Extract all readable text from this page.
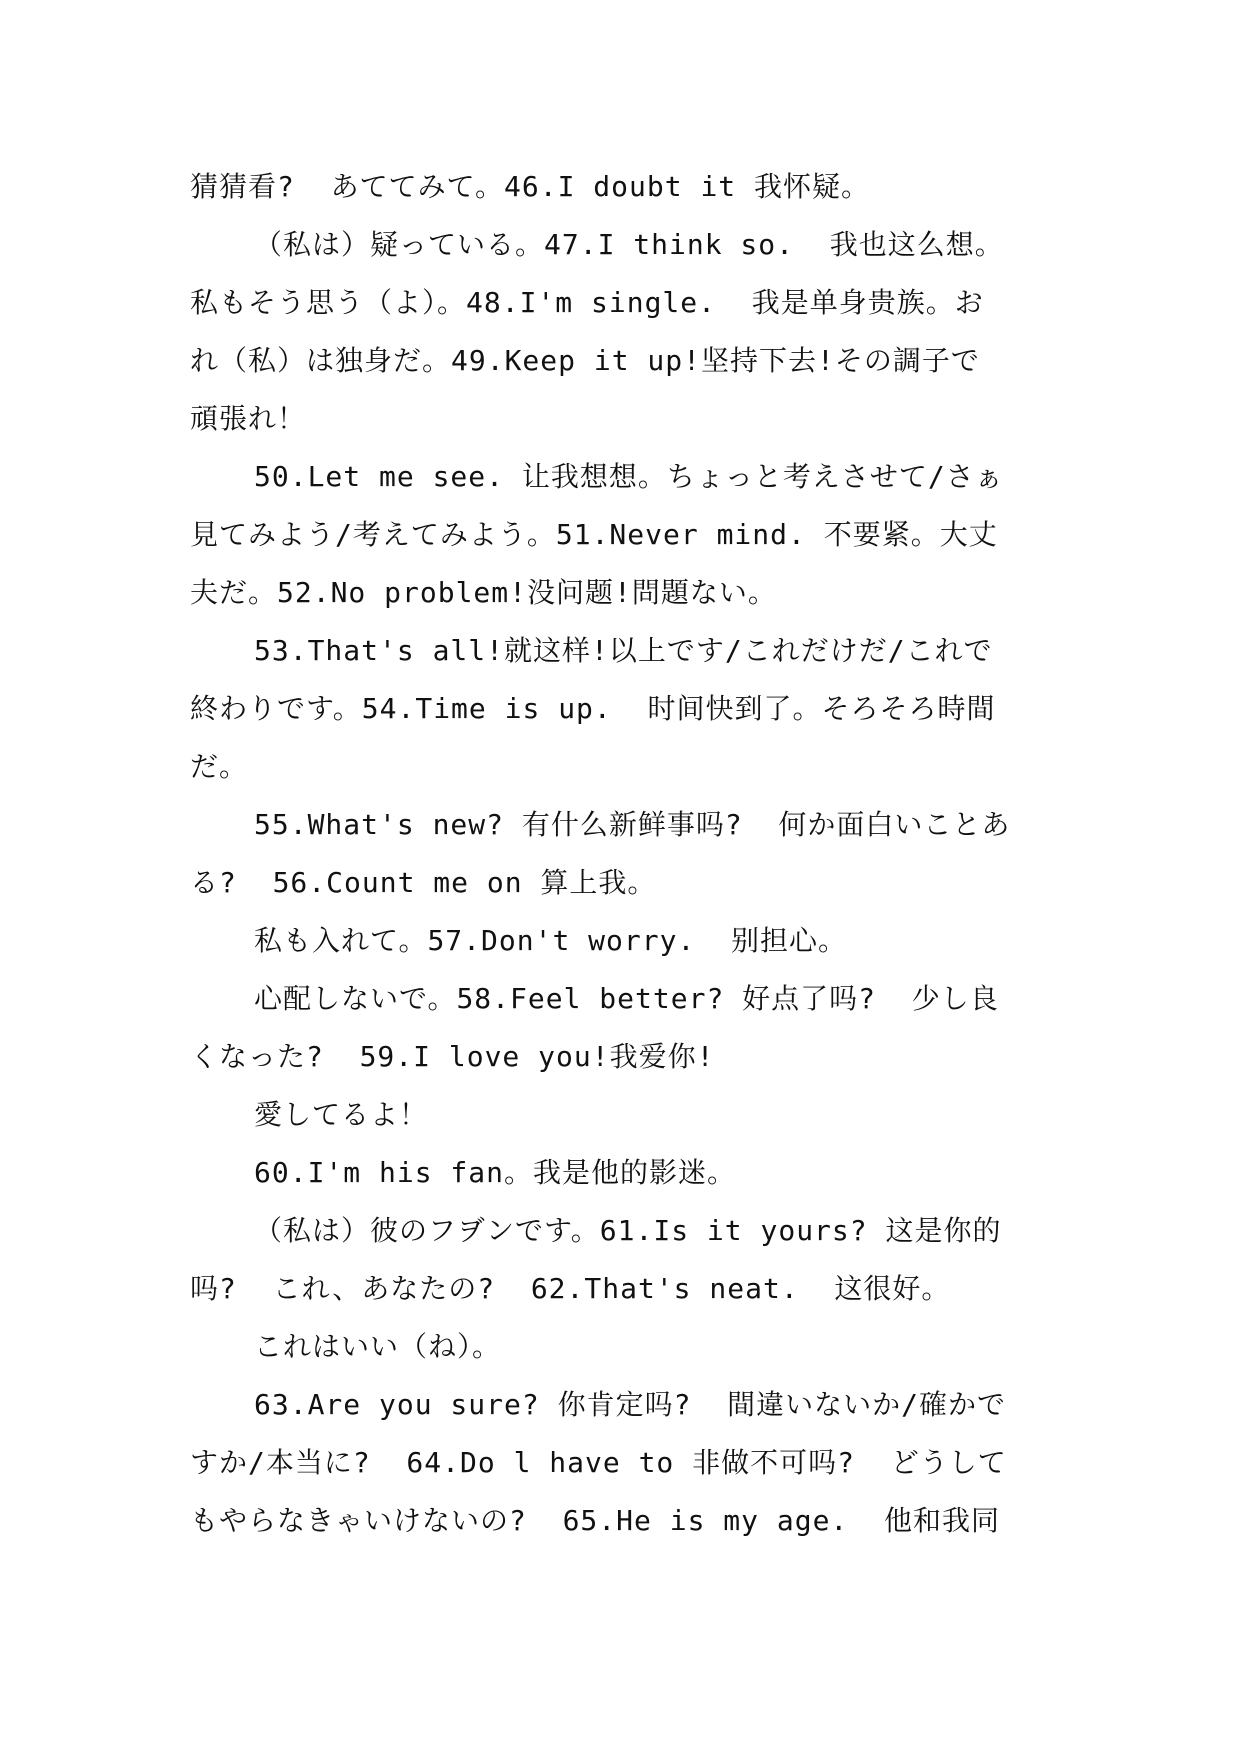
猜猜看?  あててみて。46.I doubt it 我怀疑。
（私は）疑っている。47.I think so.  我也这么想。
私もそう思う（よ）。48.I'm single.  我是单身贵族。お
れ（私）は独身だ。49.Keep it up!坚持下去!その調子で
頑張れ！
50.Let me see. 让我想想。ちょっと考えさせて/さぁ
見てみよう/考えてみよう。51.Never mind. 不要紧。大丈
夫だ。52.No problem!没问题!問題ない。
53.That's all!就这样!以上です/これだけだ/これで
終わりです。54.Time is up.  时间快到了。そろそろ時間
だ。
55.What's new? 有什么新鲜事吗?  何か面白いことあ
る?  56.Count me on 算上我。
私も入れて。57.Don't worry.  别担心。
心配しないで。58.Feel better? 好点了吗?  少し良
くなった?  59.I love you!我爱你!
愛してるよ！
60.I'm his fan。我是他的影迷。
（私は）彼のフヺンです。61.Is it yours? 这是你的
吗?  これ、あなたの?  62.That's neat.  这很好。
これはいい（ね）。
63.Are you sure? 你肯定吗?  間違いないか/確かで
すか/本当に?  64.Do l have to 非做不可吗?  どうして
もやらなきゃいけないの?  65.He is my age.  他和我同
